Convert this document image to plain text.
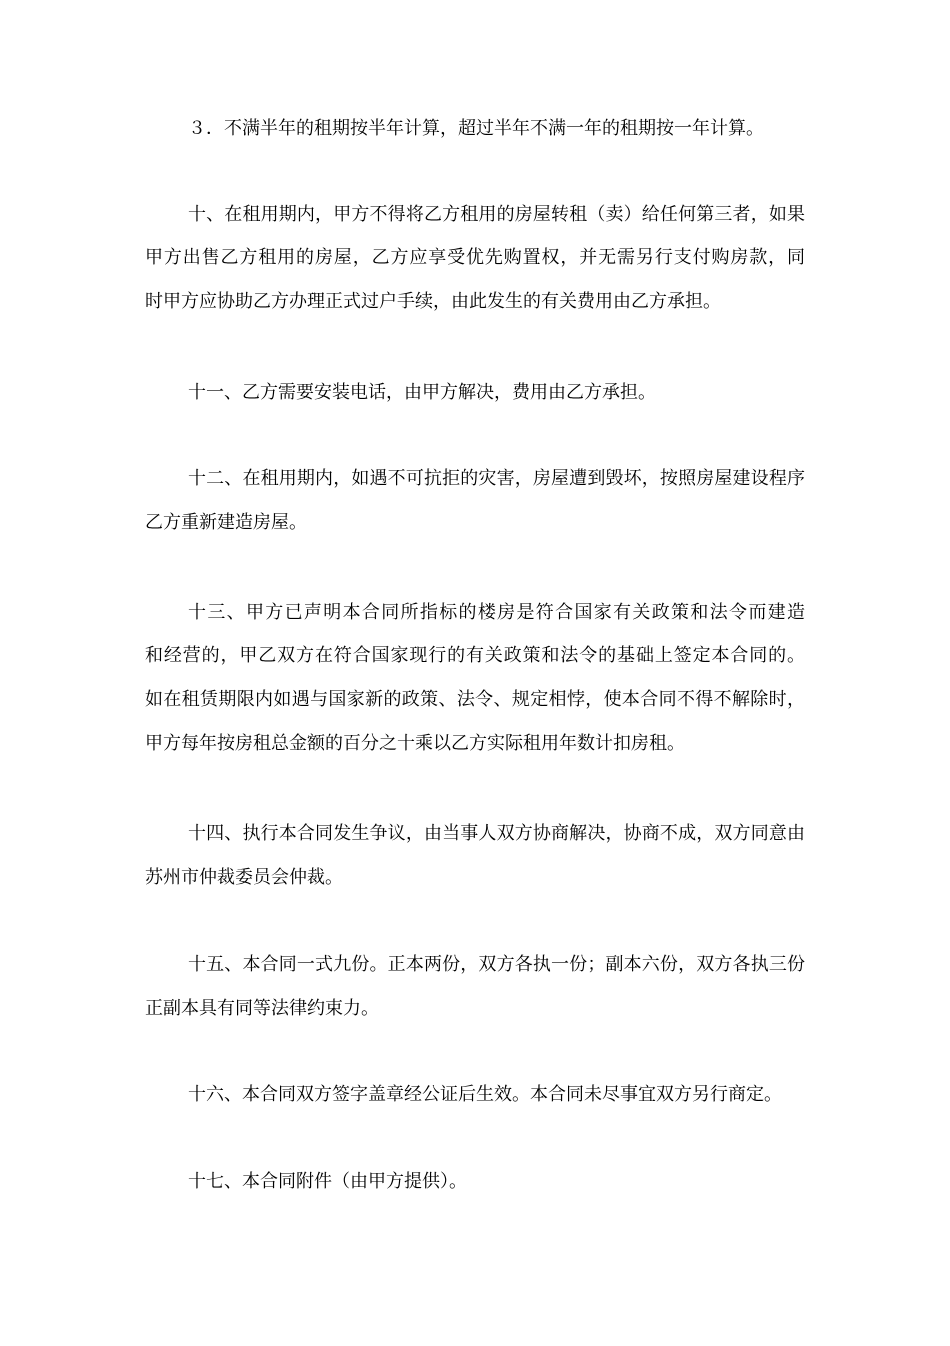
３．不满半年的租期按半年计算，超过半年不满一年的租期按一年计算。
十、在租用期内，甲方不得将乙方租用的房屋转租（卖）给任何第三者，如果
甲方出售乙方租用的房屋，乙方应享受优先购置权，并无需另行支付购房款，同
时甲方应协助乙方办理正式过户手续，由此发生的有关费用由乙方承担。
十一、乙方需要安装电话，由甲方解决，费用由乙方承担。
十二、在租用期内，如遇不可抗拒的灾害，房屋遭到毁坏，按照房屋建设程序
乙方重新建造房屋。
十三、甲方已声明本合同所指标的楼房是符合国家有关政策和法令而建造
和经营的，甲乙双方在符合国家现行的有关政策和法令的基础上签定本合同的。
如在租赁期限内如遇与国家新的政策、法令、规定相悖，使本合同不得不解除时，
甲方每年按房租总金额的百分之十乘以乙方实际租用年数计扣房租。
十四、执行本合同发生争议，由当事人双方协商解决，协商不成，双方同意由
苏州市仲裁委员会仲裁。
十五、本合同一式九份。正本两份，双方各执一份；副本六份，双方各执三份
正副本具有同等法律约束力。
十六、本合同双方签字盖章经公证后生效。本合同未尽事宜双方另行商定。
十七、本合同附件（由甲方提供）。
